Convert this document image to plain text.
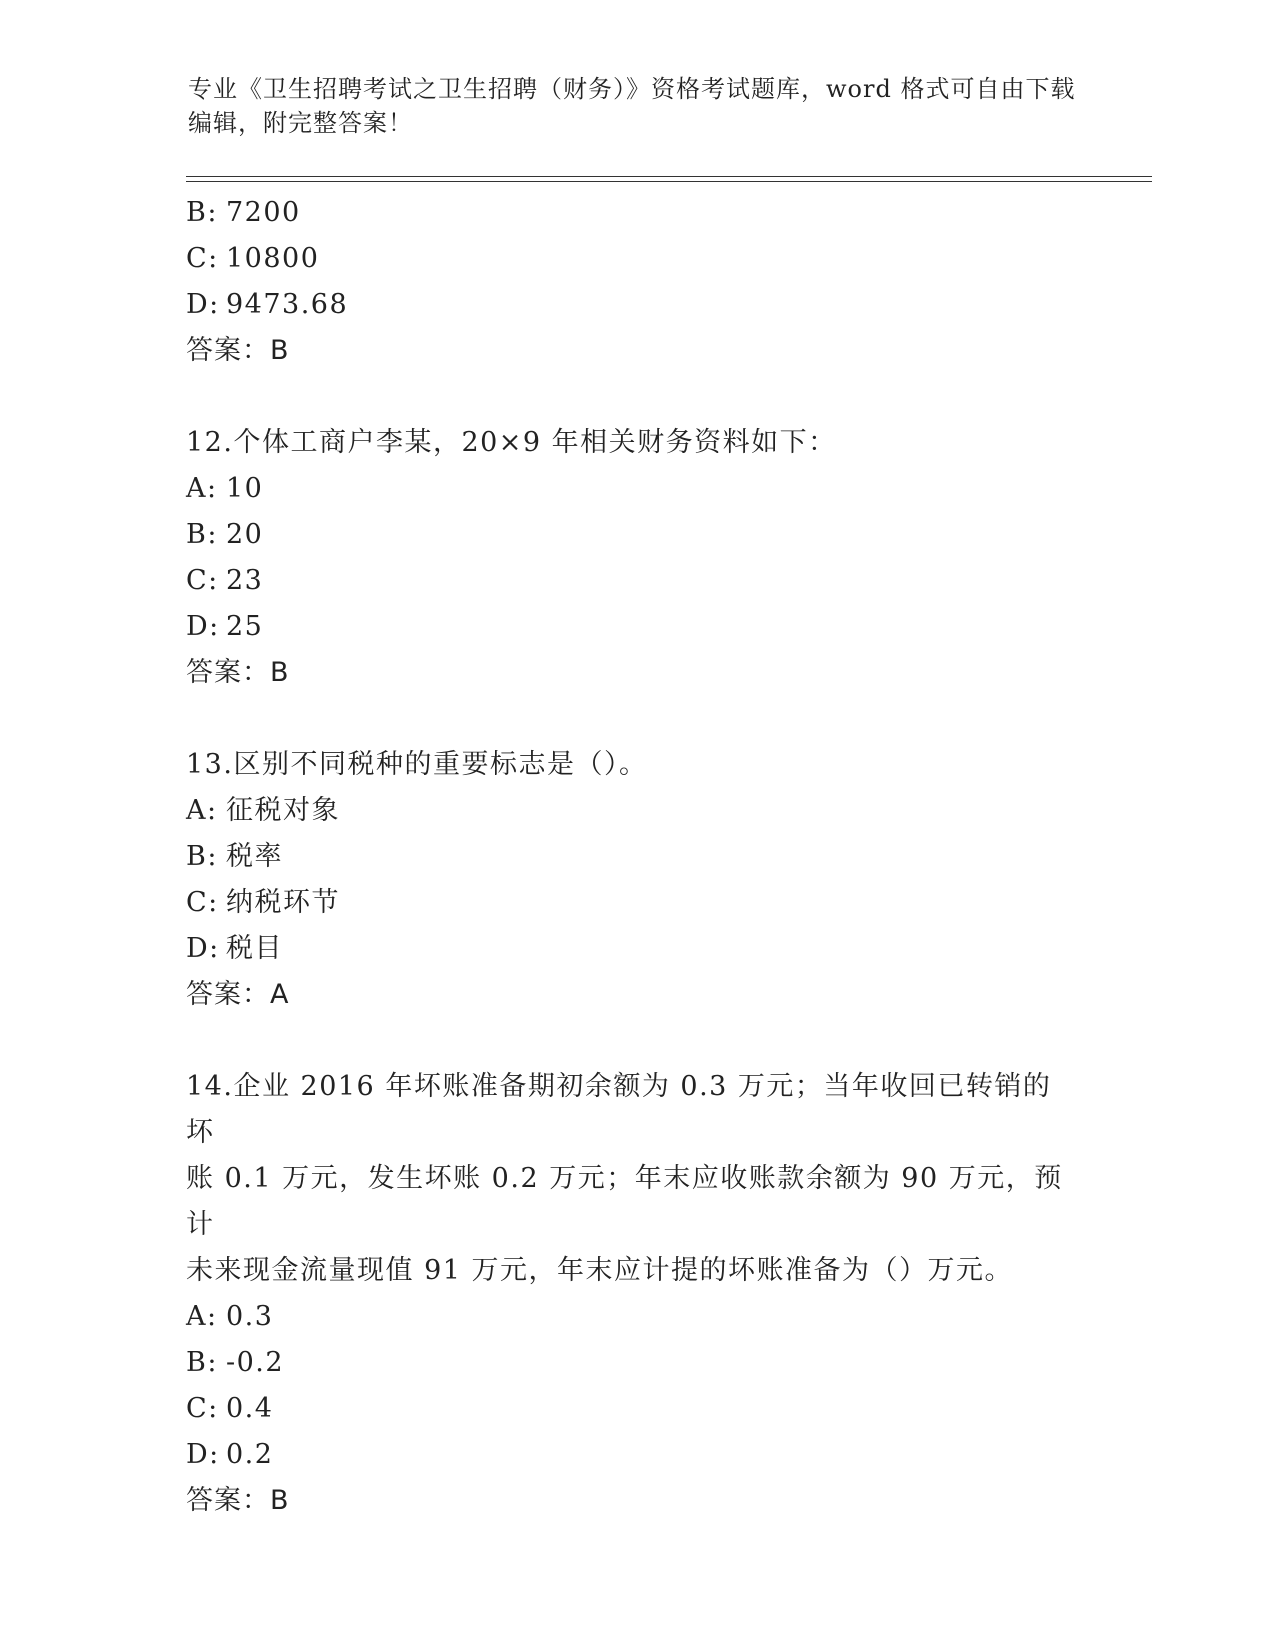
专业《卫生招聘考试之卫生招聘（财务）》资格考试题库，word 格式可自由下载
编辑，附完整答案！
B: 7200
C: 10800
D: 9473.68
答案：B
12.个体工商户李某，20×9 年相关财务资料如下：
A: 10
B: 20
C: 23
D: 25
答案：B
13.区别不同税种的重要标志是（）。
A: 征税对象
B: 税率
C: 纳税环节
D: 税目
答案：A
14.企业 2016 年坏账准备期初余额为 0.3 万元；当年收回已转销的坏
账 0.1 万元，发生坏账 0.2 万元；年末应收账款余额为 90 万元，预计
未来现金流量现值 91 万元，年末应计提的坏账准备为（）万元。
A: 0.3
B: -0.2
C: 0.4
D: 0.2
答案：B
